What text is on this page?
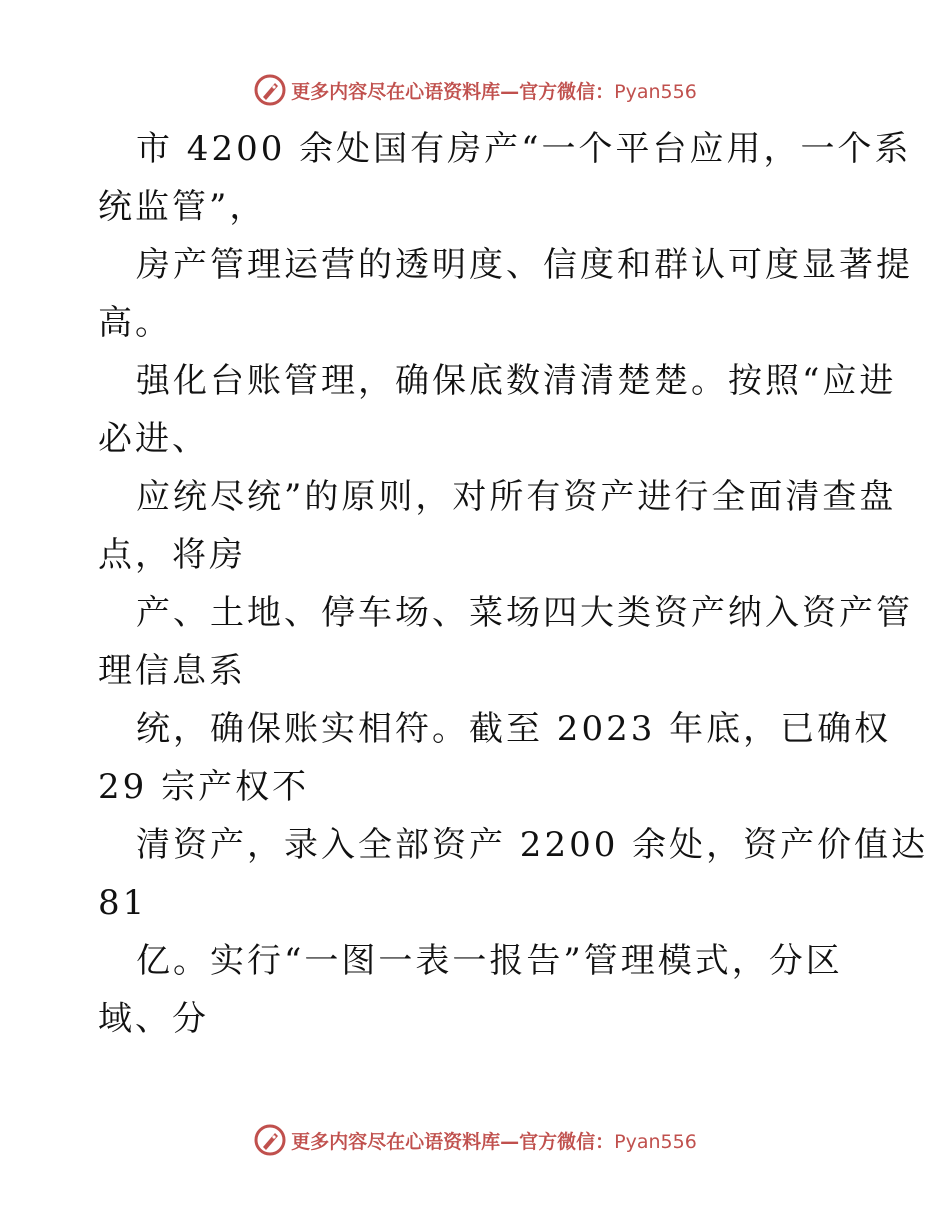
更多内容尽在心语资料库—官方微信：Pyan556
市 4200 余处国有房产“一个平台应用，一个系
统监管”，
房产管理运营的透明度、信度和群认可度显著提
高。
强化台账管理，确保底数清清楚楚。按照“应进
必进、
应统尽统”的原则，对所有资产进行全面清查盘
点，将房
产、土地、停车场、菜场四大类资产纳入资产管
理信息系
统，确保账实相符。截至 2023 年底，已确权
29 宗产权不
清资产，录入全部资产 2200 余处，资产价值达
81
亿。实行“一图一表一报告”管理模式，分区
域、分
更多内容尽在心语资料库—官方微信：Pyan556
